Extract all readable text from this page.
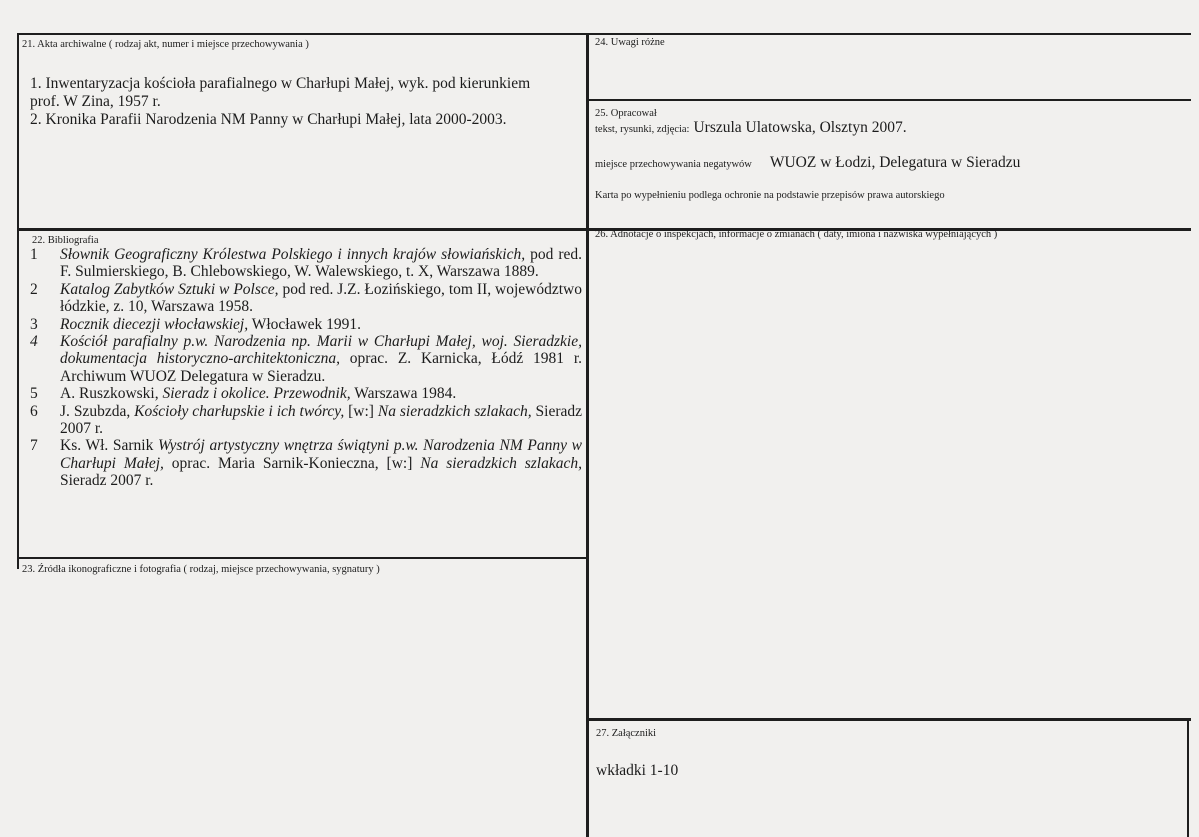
21. Akta archiwalne ( rodzaj akt, numer i miejsce przechowywania )
1. Inwentaryzacja kościoła parafialnego w Charłupi Małej, wyk. pod kierunkiem
prof. W Zina, 1957 r.
2. Kronika Parafii Narodzenia NM Panny w Charłupi Małej, lata 2000-2003.
22. Bibliografia
1	Słownik Geograficzny Królestwa Polskiego i innych krajów słowiańskich, pod red. F. Sulmierskiego, B. Chlebowskiego, W. Walewskiego, t. X, Warszawa 1889.
2	Katalog Zabytków Sztuki w Polsce, pod red. J.Z. Łozińskiego, tom II, województwo łódzkie, z. 10, Warszawa 1958.
3	Rocznik diecezji włocławskiej, Włocławek 1991.
4	Kościół parafialny p.w. Narodzenia np. Marii w Charłupi Małej, woj. Sieradzkie, dokumentacja historyczno-architektoniczna, oprac. Z. Karnicka, Łódź 1981 r. Archiwum WUOZ Delegatura w Sieradzu.
5	A. Ruszkowski, Sieradz i okolice. Przewodnik, Warszawa 1984.
6	J. Szubzda, Kościoły charłupskie i ich twórcy, [w:] Na sieradzkich szlakach, Sieradz 2007 r.
7	Ks. Wł. Sarnik Wystrój artystyczny wnętrza świątyni p.w. Narodzenia NM Panny w Charłupi Małej, oprac. Maria Sarnik-Konieczna, [w:] Na sieradzkich szlakach, Sieradz 2007 r.
23. Źródła ikonograficzne i fotografia ( rodzaj, miejsce przechowywania, sygnatury )
24. Uwagi różne
25. Opracował
tekst, rysunki, zdjęcia: Urszula Ulatowska, Olsztyn 2007.
miejsce przechowywania negatywów WUOZ w Łodzi, Delegatura w Sieradzu
Karta po wypełnieniu podlega ochronie na podstawie przepisów prawa autorskiego
26. Adnotacje o inspekcjach, informacje o zmianach ( daty, imiona i nazwiska wypełniających )
27. Załączniki
wkładki 1-10
